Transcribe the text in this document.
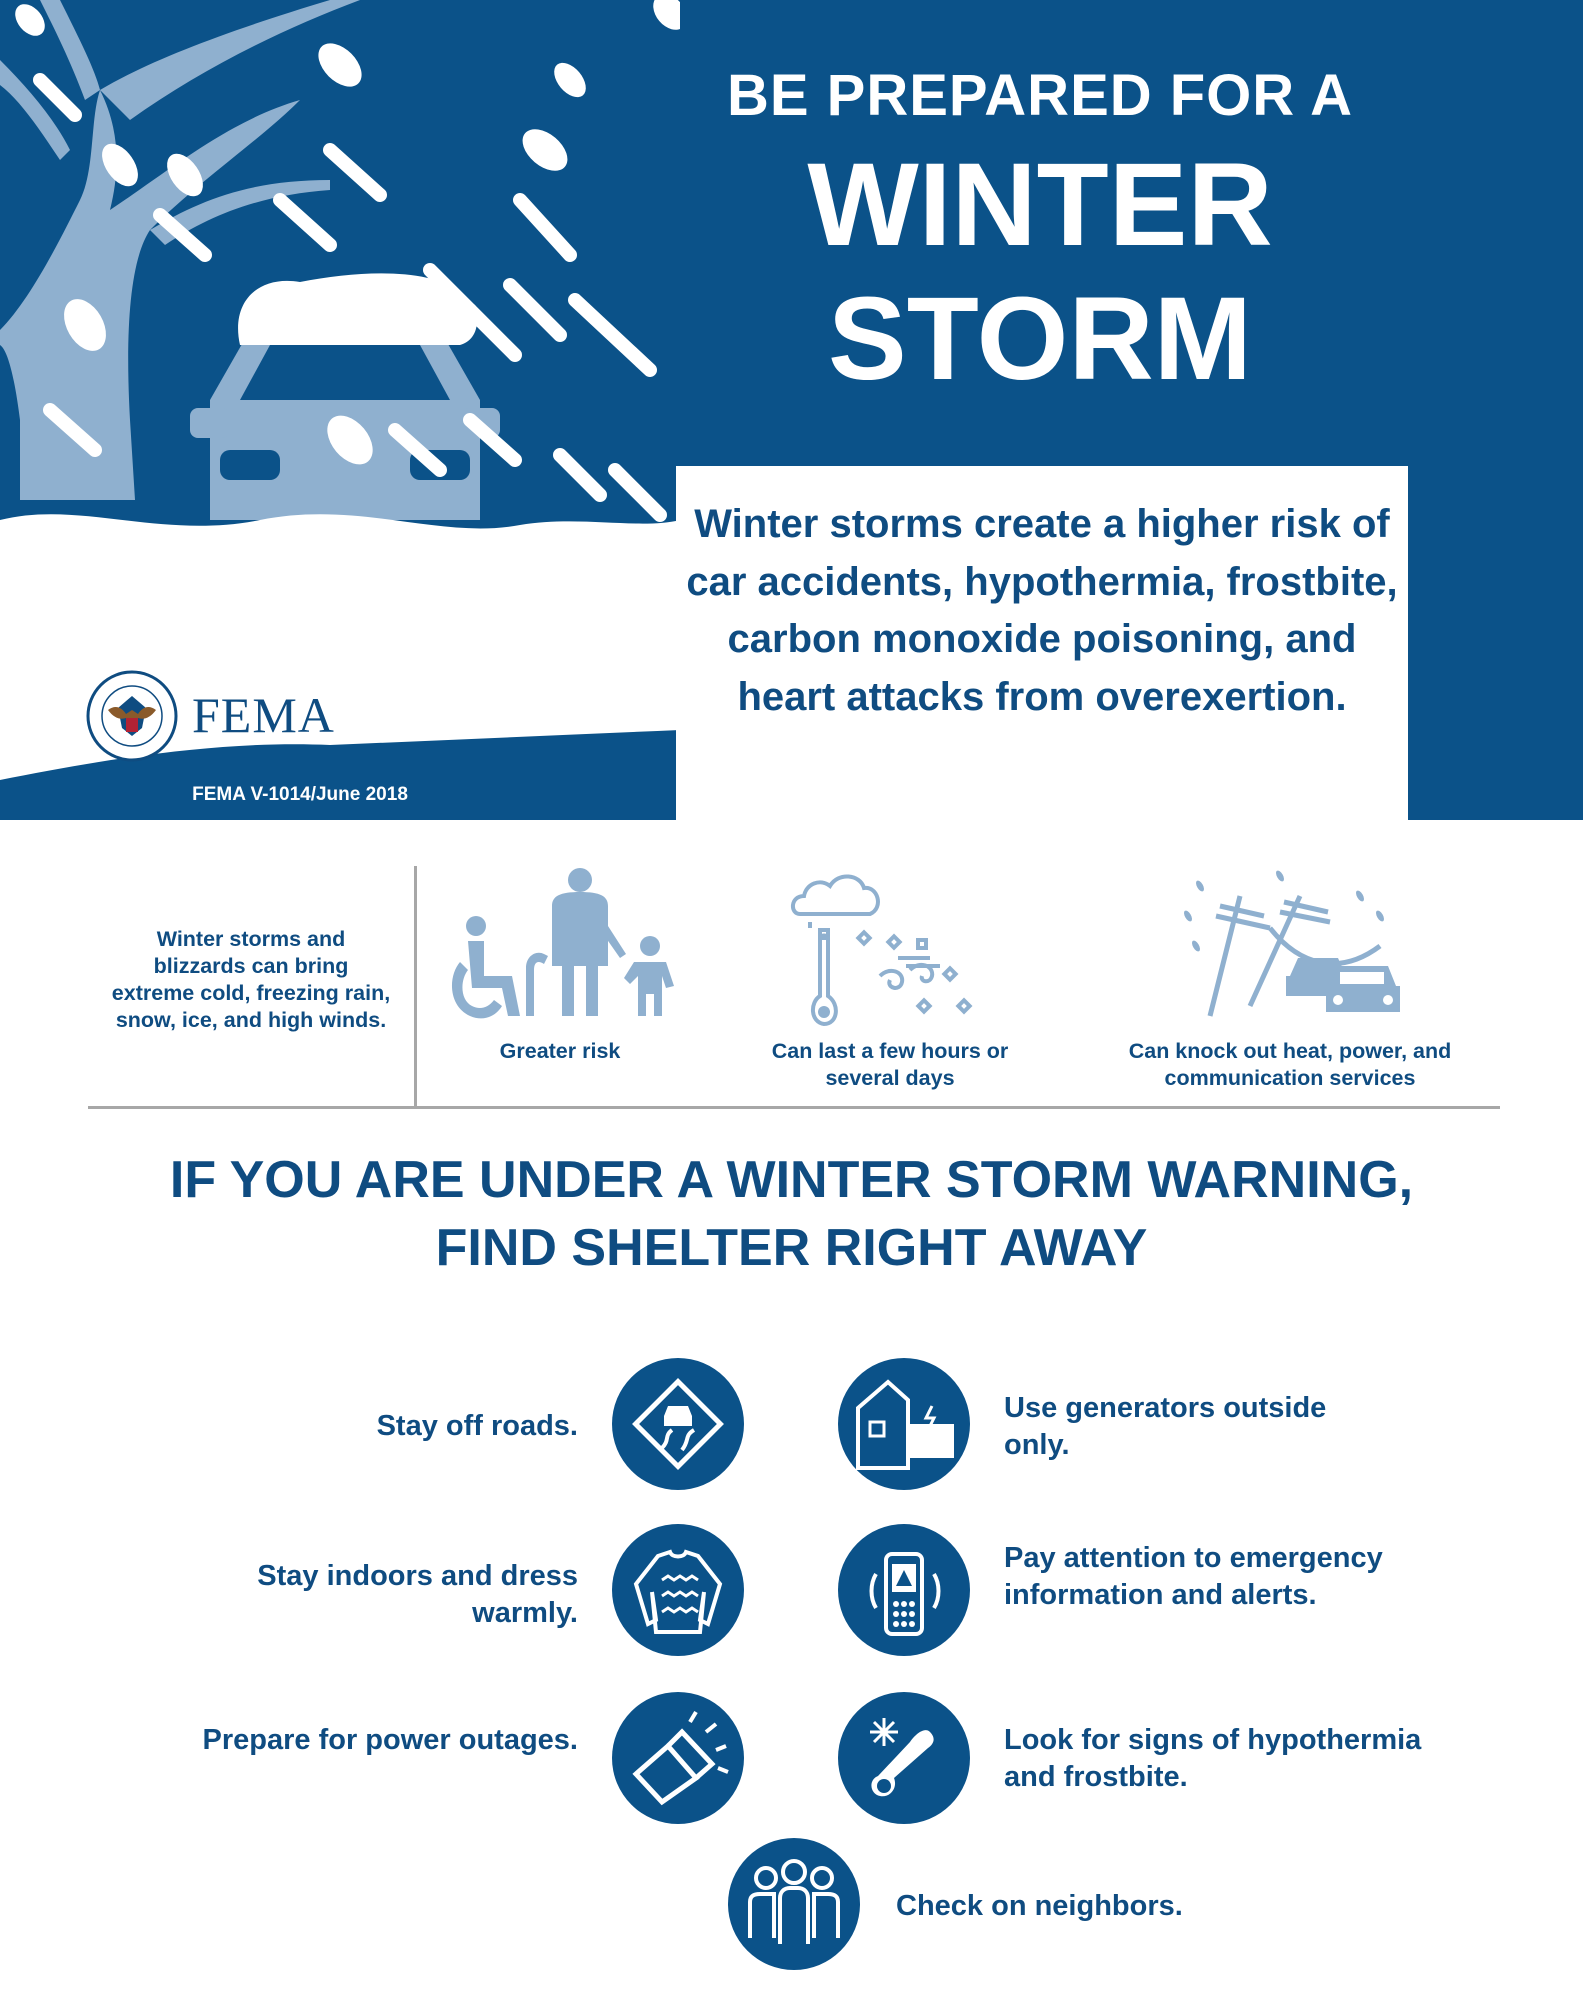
BE PREPARED FOR A
WINTER
STORM
Winter storms create a higher risk of car accidents, hypothermia, frostbite, carbon monoxide poisoning, and heart attacks from overexertion.
FEMA
FEMA V-1014/June 2018
Winter storms and blizzards can bring extreme cold, freezing rain, snow, ice, and high winds.
Greater risk	Can last a few hours or several days
Can knock out heat, power, and communication services
IF YOU ARE UNDER A WINTER STORM WARNING,
FIND SHELTER RIGHT AWAY
Stay off roads.
Stay indoors and dress warmly.
Prepare for power outages.
Use generators outside only.
Pay attention to emergency information and alerts.
Look for signs of hypothermia and frostbite.
Check on neighbors.
